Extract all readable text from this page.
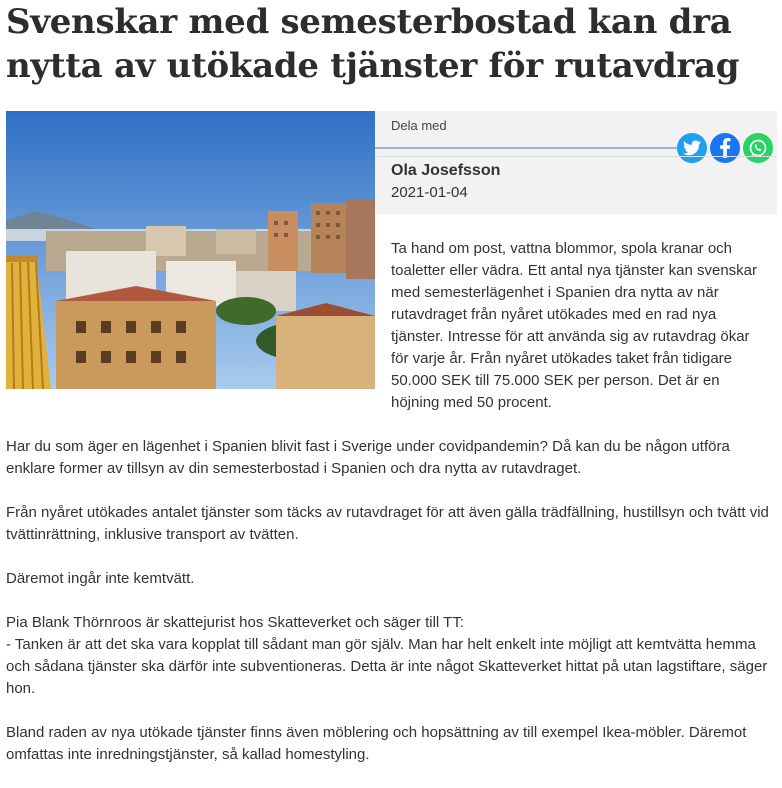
Svenskar med semesterbostad kan dra nytta av utökade tjänster för rutavdrag
Dela med
Ola Josefsson
2021-01-04

Ta hand om post, vattna blommor, spola kranar och toaletter eller vädra. Ett antal nya tjänster kan svenskar med semesterlägenhet i Spanien dra nytta av när rutavdraget från nyåret utökades med en rad nya tjänster. Intresse för att använda sig av rutavdrag ökar för varje år. Från nyåret utökades taket från tidigare 50.000 SEK till 75.000 SEK per person. Det är en höjning med 50 procent.

Har du som äger en lägenhet i Spanien blivit fast i Sverige under covidpandemin? Då kan du be någon utföra enklare former av tillsyn av din semesterbostad i Spanien och dra nytta av rutavdraget.

Från nyåret utökades antalet tjänster som täcks av rutavdraget för att även gälla trädfällning, hustillsyn och tvätt vid tvättinrättning, inklusive transport av tvätten.

Däremot ingår inte kemtvätt.

Pia Blank Thörnroos är skattejurist hos Skatteverket och säger till TT:
- Tanken är att det ska vara kopplat till sådant man gör själv. Man har helt enkelt inte möjligt att kemtvätta hemma och sådana tjänster ska därför inte subventioneras. Detta är inte något Skatteverket hittat på utan lagstiftare, säger hon.

Bland raden av nya utökade tjänster finns även möblering och hopsättning av till exempel Ikea-möbler. Däremot omfattas inte inredningstjänster, så kallad homestyling.
